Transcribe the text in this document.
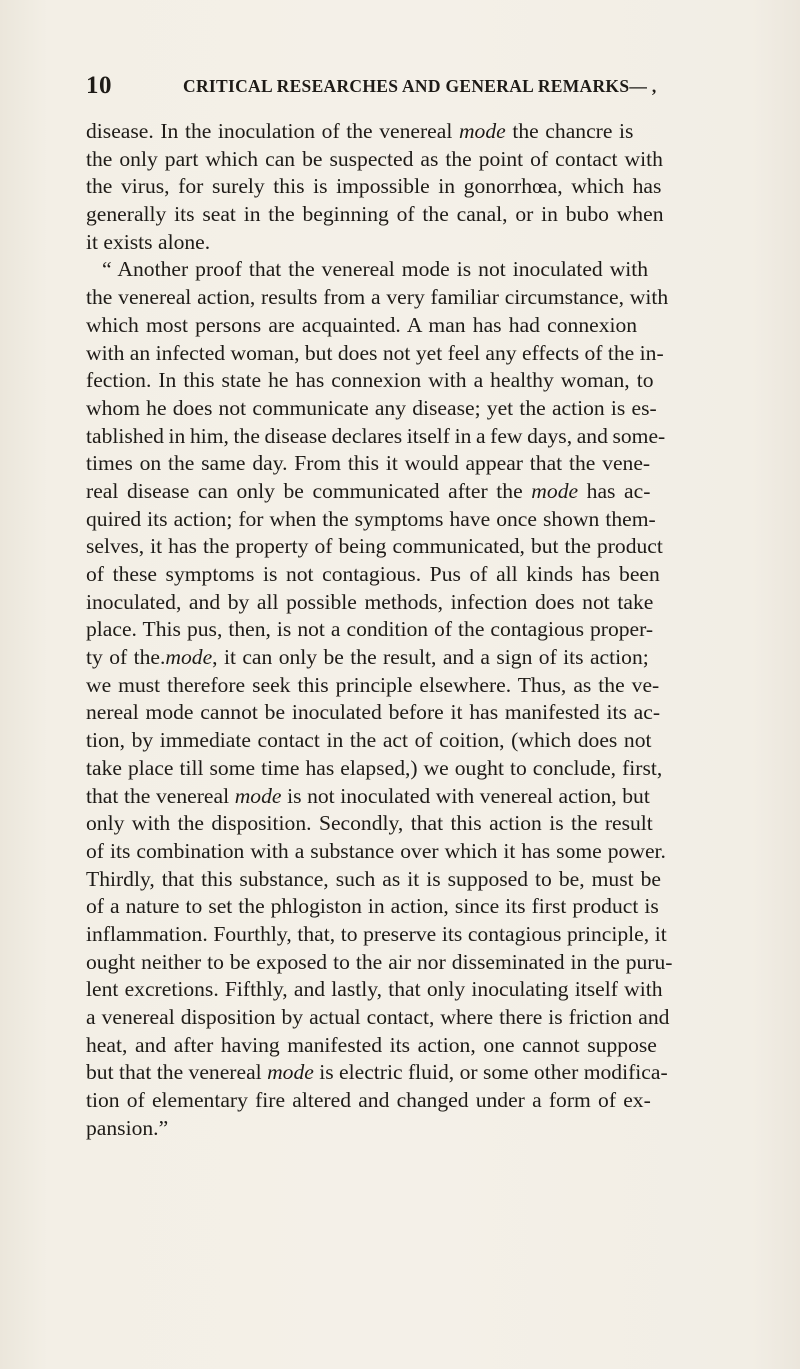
10	CRITICAL RESEARCHES AND GENERAL REMARKS— ,
disease. In the inoculation of the venereal mode the chancre is
the only part which can be suspected as the point of contact with
the virus, for surely this is impossible in gonorrhœa, which has
generally its seat in the beginning of the canal, or in bubo when
it exists alone.
“ Another proof that the venereal mode is not inoculated with
the venereal action, results from a very familiar circumstance, with
which most persons are acquainted. A man has had connexion
with an infected woman, but does not yet feel any effects of the in-
fection. In this state he has connexion with a healthy woman, to
whom he does not communicate any disease; yet the action is es-
tablished in him, the disease declares itself in a few days, and some-
times on the same day. From this it would appear that the vene-
real disease can only be communicated after the mode has ac-
quired its action; for when the symptoms have once shown them-
selves, it has the property of being communicated, but the product
of these symptoms is not contagious. Pus of all kinds has been
inoculated, and by all possible methods, infection does not take
place. This pus, then, is not a condition of the contagious proper-
ty of the.mode, it can only be the result, and a sign of its action;
we must therefore seek this principle elsewhere. Thus, as the ve-
nereal mode cannot be inoculated before it has manifested its ac-
tion, by immediate contact in the act of coition, (which does not
take place till some time has elapsed,) we ought to conclude, first,
that the venereal mode is not inoculated with venereal action, but
only with the disposition. Secondly, that this action is the result
of its combination with a substance over which it has some power.
Thirdly, that this substance, such as it is supposed to be, must be
of a nature to set the phlogiston in action, since its first product is
inflammation. Fourthly, that, to preserve its contagious principle, it
ought neither to be exposed to the air nor disseminated in the puru-
lent excretions. Fifthly, and lastly, that only inoculating itself with
a venereal disposition by actual contact, where there is friction and
heat, and after having manifested its action, one cannot suppose
but that the venereal mode is electric fluid, or some other modifica-
tion of elementary fire altered and changed under a form of ex-
pansion.”
